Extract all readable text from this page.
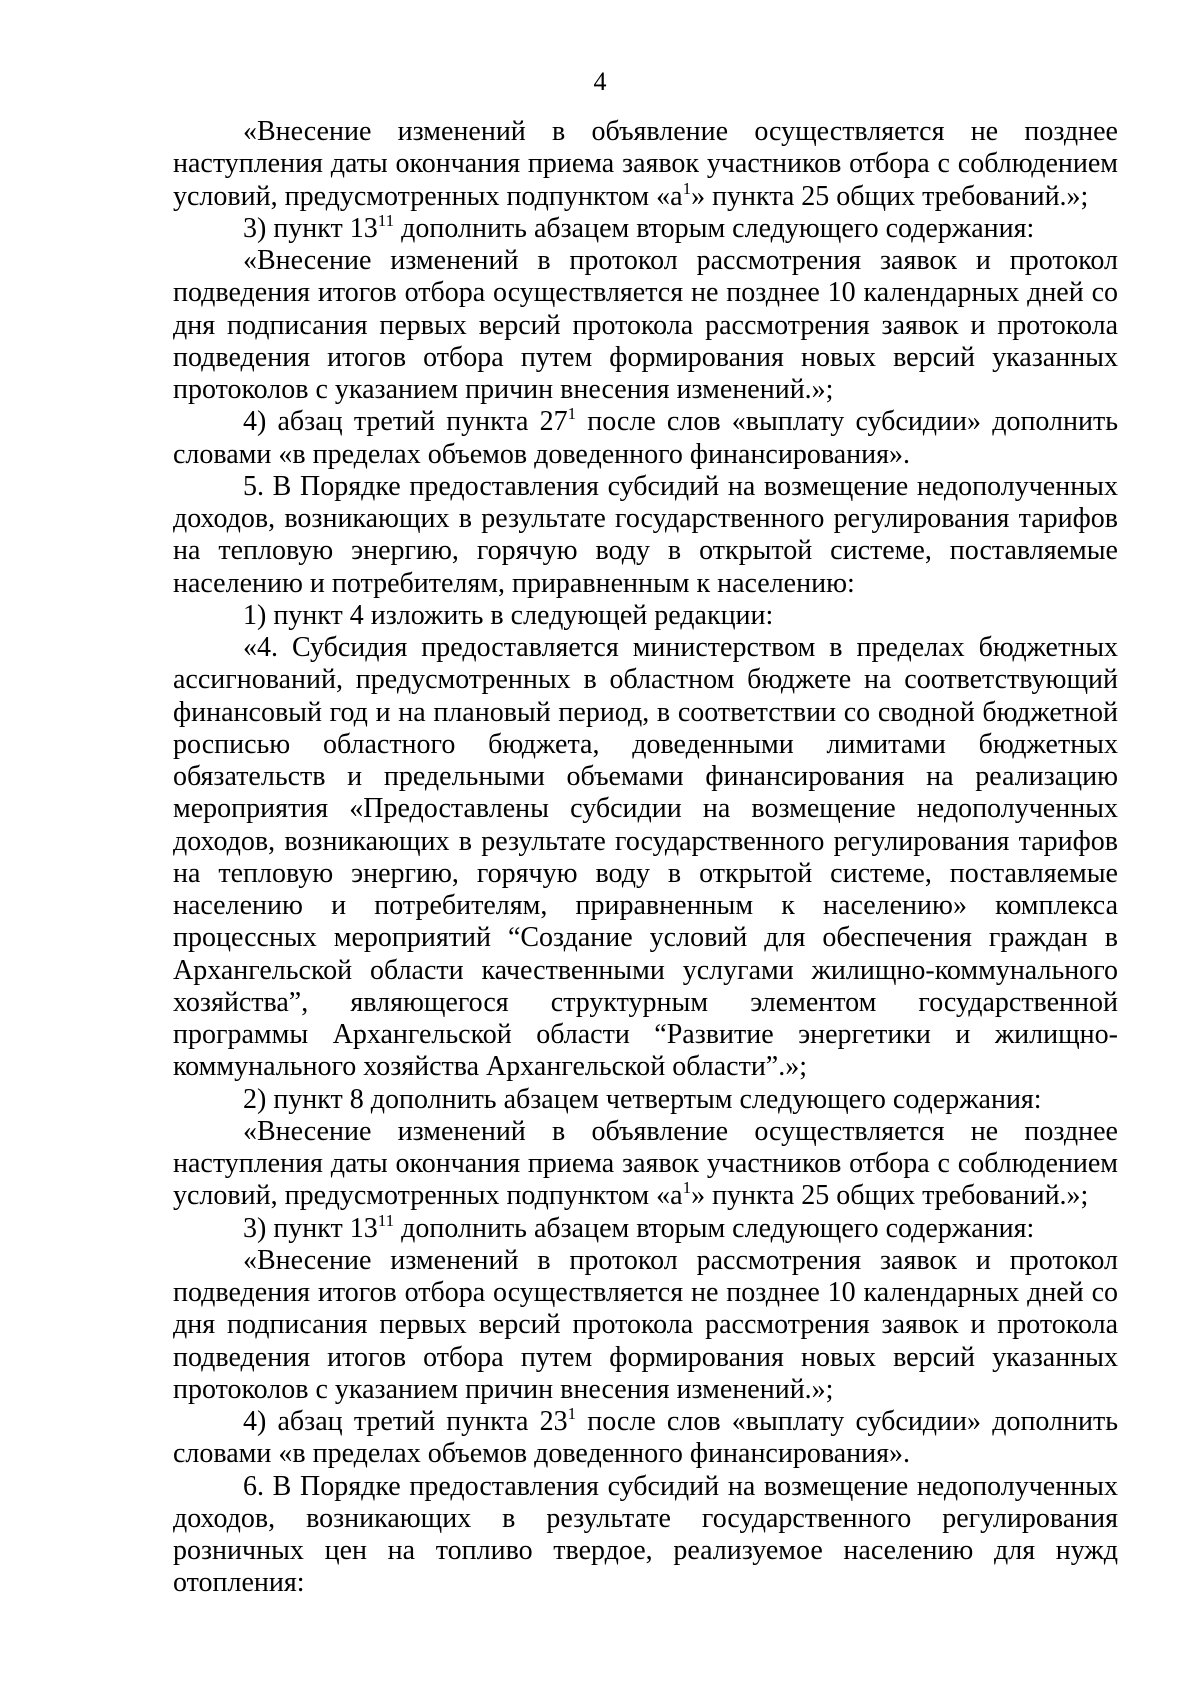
4

«Внесение изменений в объявление осуществляется не позднее наступления даты окончания приема заявок участников отбора с соблюдением условий, предусмотренных подпунктом «$а^1$» пункта 25 общих требований.»;

3) пункт $13^{11}$ дополнить абзацем вторым следующего содержания:

«Внесение изменений в протокол рассмотрения заявок и протокол подведения итогов отбора осуществляется не позднее 10 календарных дней со дня подписания первых версий протокола рассмотрения заявок и протокола подведения итогов отбора путем формирования новых версий указанных протоколов с указанием причин внесения изменений.»;

4) абзац третий пункта $27^1$ после слов «выплату субсидии» дополнить словами «в пределах объемов доведенного финансирования».

5. В Порядке предоставления субсидий на возмещение недополученных доходов, возникающих в результате государственного регулирования тарифов на тепловую энергию, горячую воду в открытой системе, поставляемые населению и потребителям, приравненным к населению:

1) пункт 4 изложить в следующей редакции:

«4. Субсидия предоставляется министерством в пределах бюджетных ассигнований, предусмотренных в областном бюджете на соответствующий финансовый год и на плановый период, в соответствии со сводной бюджетной росписью областного бюджета, доведенными лимитами бюджетных обязательств и предельными объемами финансирования на реализацию мероприятия «Предоставлены субсидии на возмещение недополученных доходов, возникающих в результате государственного регулирования тарифов на тепловую энергию, горячую воду в открытой системе, поставляемые населению и потребителям, приравненным к населению» комплекса процессных мероприятий “Создание условий для обеспечения граждан в Архангельской области качественными услугами жилищно-коммунального хозяйства”, являющегося структурным элементом государственной программы Архангельской области “Развитие энергетики и жилищно-коммунального хозяйства Архангельской области”.»;

2) пункт 8 дополнить абзацем четвертым следующего содержания:

«Внесение изменений в объявление осуществляется не позднее наступления даты окончания приема заявок участников отбора с соблюдением условий, предусмотренных подпунктом «$а^1$» пункта 25 общих требований.»;

3) пункт $13^{11}$ дополнить абзацем вторым следующего содержания:

«Внесение изменений в протокол рассмотрения заявок и протокол подведения итогов отбора осуществляется не позднее 10 календарных дней со дня подписания первых версий протокола рассмотрения заявок и протокола подведения итогов отбора путем формирования новых версий указанных протоколов с указанием причин внесения изменений.»;

4) абзац третий пункта $23^1$ после слов «выплату субсидии» дополнить словами «в пределах объемов доведенного финансирования».

6. В Порядке предоставления субсидий на возмещение недополученных доходов, возникающих в результате государственного регулирования розничных цен на топливо твердое, реализуемое населению для нужд отопления:
